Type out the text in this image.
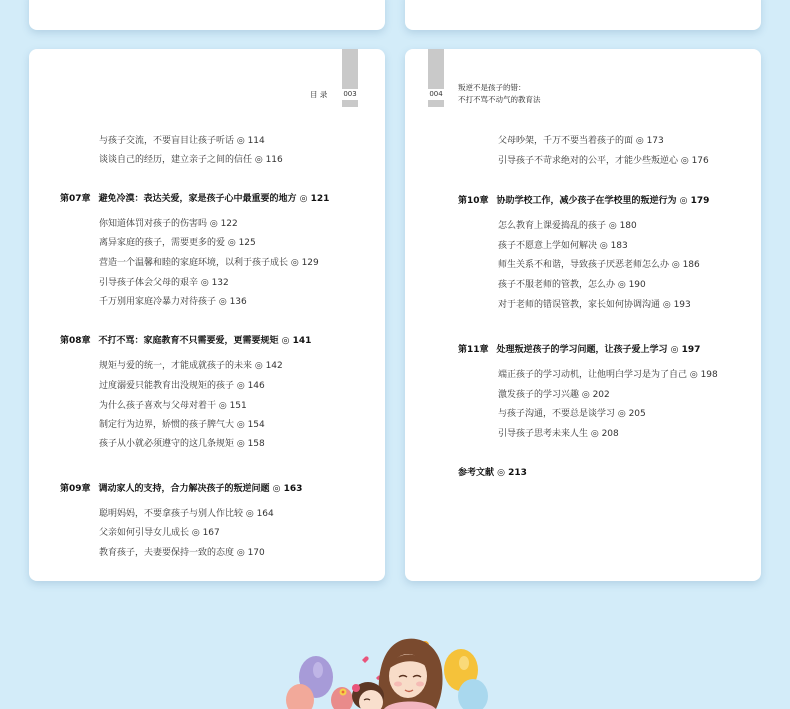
003
目 录
与孩子交流，不要盲目让孩子听话 ◎ 114
谈谈自己的经历，建立亲子之间的信任 ◎ 116
第07章 避免冷漠：表达关爱，家是孩子心中最重要的地方 ◎ 121
你知道体罚对孩子的伤害吗 ◎ 122
离异家庭的孩子，需要更多的爱 ◎ 125
营造一个温馨和睦的家庭环境，以利于孩子成长 ◎ 129
引导孩子体会父母的艰辛 ◎ 132
千万别用家庭冷暴力对待孩子 ◎ 136
第08章 不打不骂：家庭教育不只需要爱，更需要规矩 ◎ 141
规矩与爱的统一，才能成就孩子的未来 ◎ 142
过度溺爱只能教育出没规矩的孩子 ◎ 146
为什么孩子喜欢与父母对着干 ◎ 151
制定行为边界，娇惯的孩子脾气大 ◎ 154
孩子从小就必须遵守的这几条规矩 ◎ 158
第09章 调动家人的支持，合力解决孩子的叛逆问题 ◎ 163
聪明妈妈，不要拿孩子与别人作比较 ◎ 164
父亲如何引导女儿成长 ◎ 167
教育孩子，夫妻要保持一致的态度 ◎ 170
004
叛逆不是孩子的错：
不打不骂不动气的教育法
父母吵架，千万不要当着孩子的面 ◎ 173
引导孩子不苛求绝对的公平，才能少些叛逆心 ◎ 176
第10章 协助学校工作，减少孩子在学校里的叛逆行为 ◎ 179
怎么教育上课爱捣乱的孩子 ◎ 180
孩子不愿意上学如何解决 ◎ 183
师生关系不和谐，导致孩子厌恶老师怎么办 ◎ 186
孩子不服老师的管教，怎么办 ◎ 190
对于老师的错误管教，家长如何协调沟通 ◎ 193
第11章 处理叛逆孩子的学习问题，让孩子爱上学习 ◎ 197
端正孩子的学习动机，让他明白学习是为了自己 ◎ 198
激发孩子的学习兴趣 ◎ 202
与孩子沟通，不要总是谈学习 ◎ 205
引导孩子思考未来人生 ◎ 208
参考文献 ◎ 213
